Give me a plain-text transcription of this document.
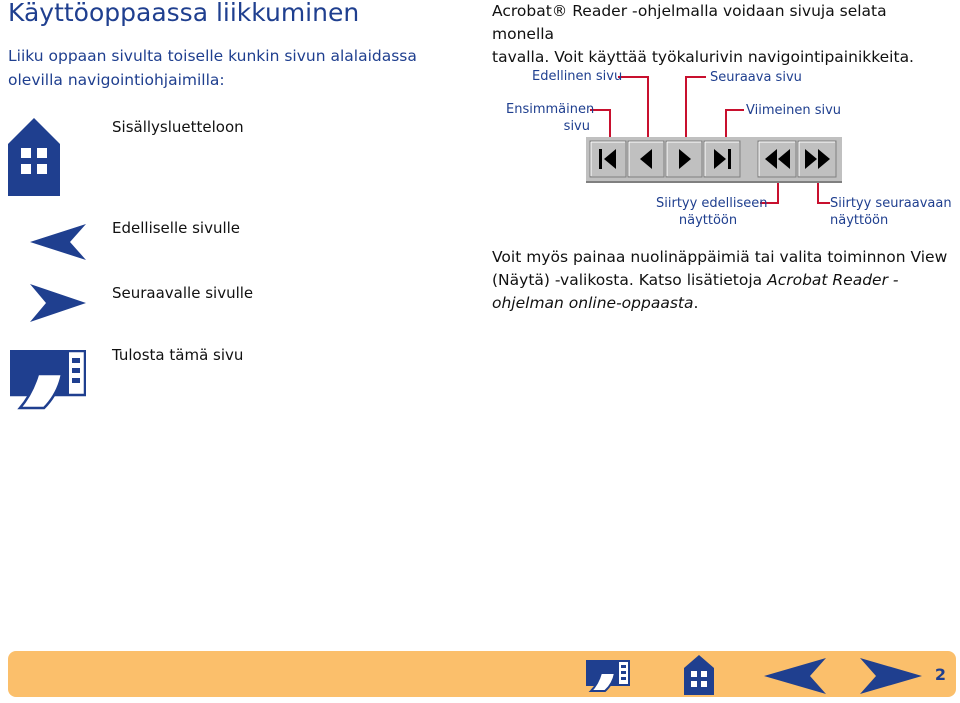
Käyttöoppaassa liikkuminen
Liiku oppaan sivulta toiselle kunkin sivun alalaidassa olevilla navigointiohjaimilla:
Sisällysluetteloon
Edelliselle sivulle
Seuraavalle sivulle
Tulosta tämä sivu
Acrobat® Reader -ohjelmalla voidaan sivuja selata monella
tavalla. Voit käyttää työkalurivin navigointipainikkeita.
Edellinen sivu	Seuraava sivu
Ensimmäinen
sivu
Viimeinen sivu
Siirtyy edelliseen
näyttöön
Siirtyy seuraavaan
näyttöön
Voit myös painaa nuolinäppäimiä tai valita toiminnon View (Näytä) -valikosta. Katso lisätietoja Acrobat Reader -ohjelman online-oppaasta.
2
